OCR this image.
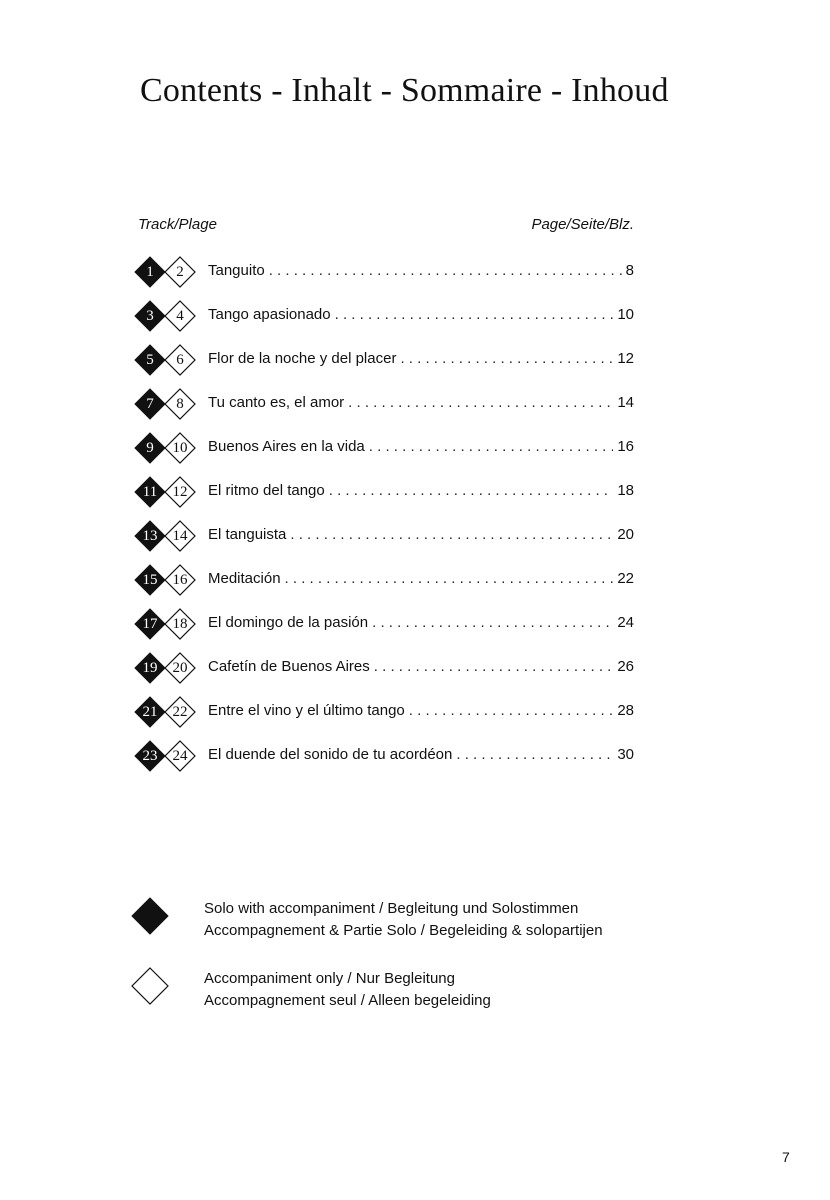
Contents - Inhalt - Sommaire - Inhoud
Track/Plage	Page/Seite/Blz.
1	2	Tanguito . . .	8
3	4	Tango apasionado . . .	10
5	6	Flor de la noche y del placer . . .	12
7	8	Tu canto es, el amor . . .	14
9	10	Buenos Aires en la vida . . .	16
11	12	El ritmo del tango . . .	18
13	14	El tanguista . . .	20
15	16	Meditación . . .	22
17	18	El domingo de la pasión . . .	24
19	20	Cafetín de Buenos Aires . . .	26
21	22	Entre el vino y el último tango . . .	28
23	24	El duende del sonido de tu acordéon . . .	30
Solo with accompaniment / Begleitung und Solostimmen
Accompagnement & Partie Solo / Begeleiding & solopartijen
Accompaniment only / Nur Begleitung
Accompagnement seul / Alleen begeleiding
7
